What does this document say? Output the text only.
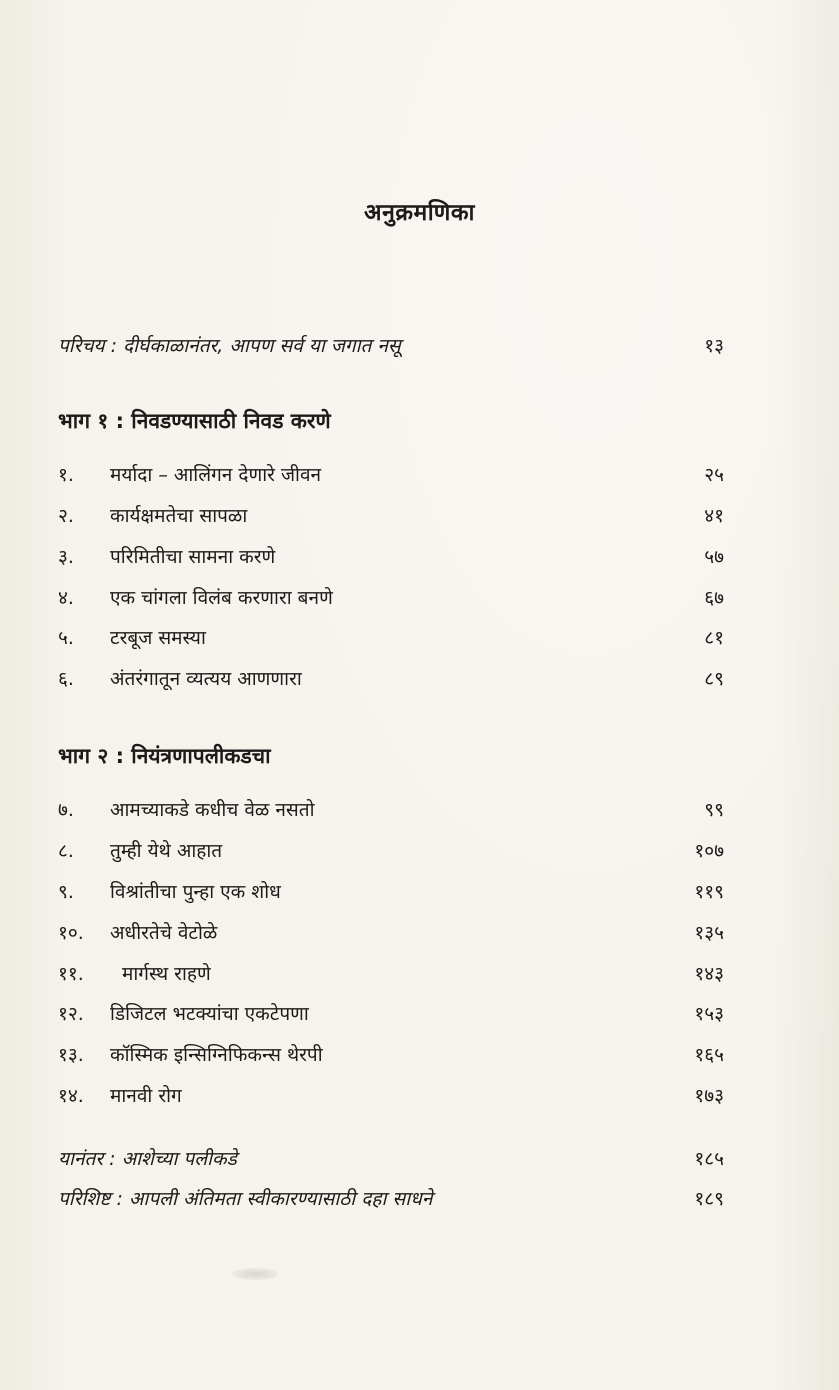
अनुक्रमणिका
परिचय : दीर्घकाळानंतर, आपण सर्व या जगात नसू	१३
भाग १ : निवडण्यासाठी निवड करणे
१. मर्यादा – आलिंगन देणारे जीवन	२५
२. कार्यक्षमतेचा सापळा	४१
३. परिमितीचा सामना करणे	५७
४. एक चांगला विलंब करणारा बनणे	६७
५. टरबूज समस्या	८१
६. अंतरंगातून व्यत्यय आणणारा	८९
भाग २ : नियंत्रणापलीकडचा
७. आमच्याकडे कधीच वेळ नसतो	९९
८. तुम्ही येथे आहात	१०७
९. विश्रांतीचा पुन्हा एक शोध	११९
१०. अधीरतेचे वेटोळे	१३५
११. मार्गस्थ राहणे	१४३
१२. डिजिटल भटक्यांचा एकटेपणा	१५३
१३. कॉस्मिक इन्सिग्निफिकन्स थेरपी	१६५
१४. मानवी रोग	१७३
यानंतर : आशेच्या पलीकडे	१८५
परिशिष्ट : आपली अंतिमता स्वीकारण्यासाठी दहा साधने	१८९
